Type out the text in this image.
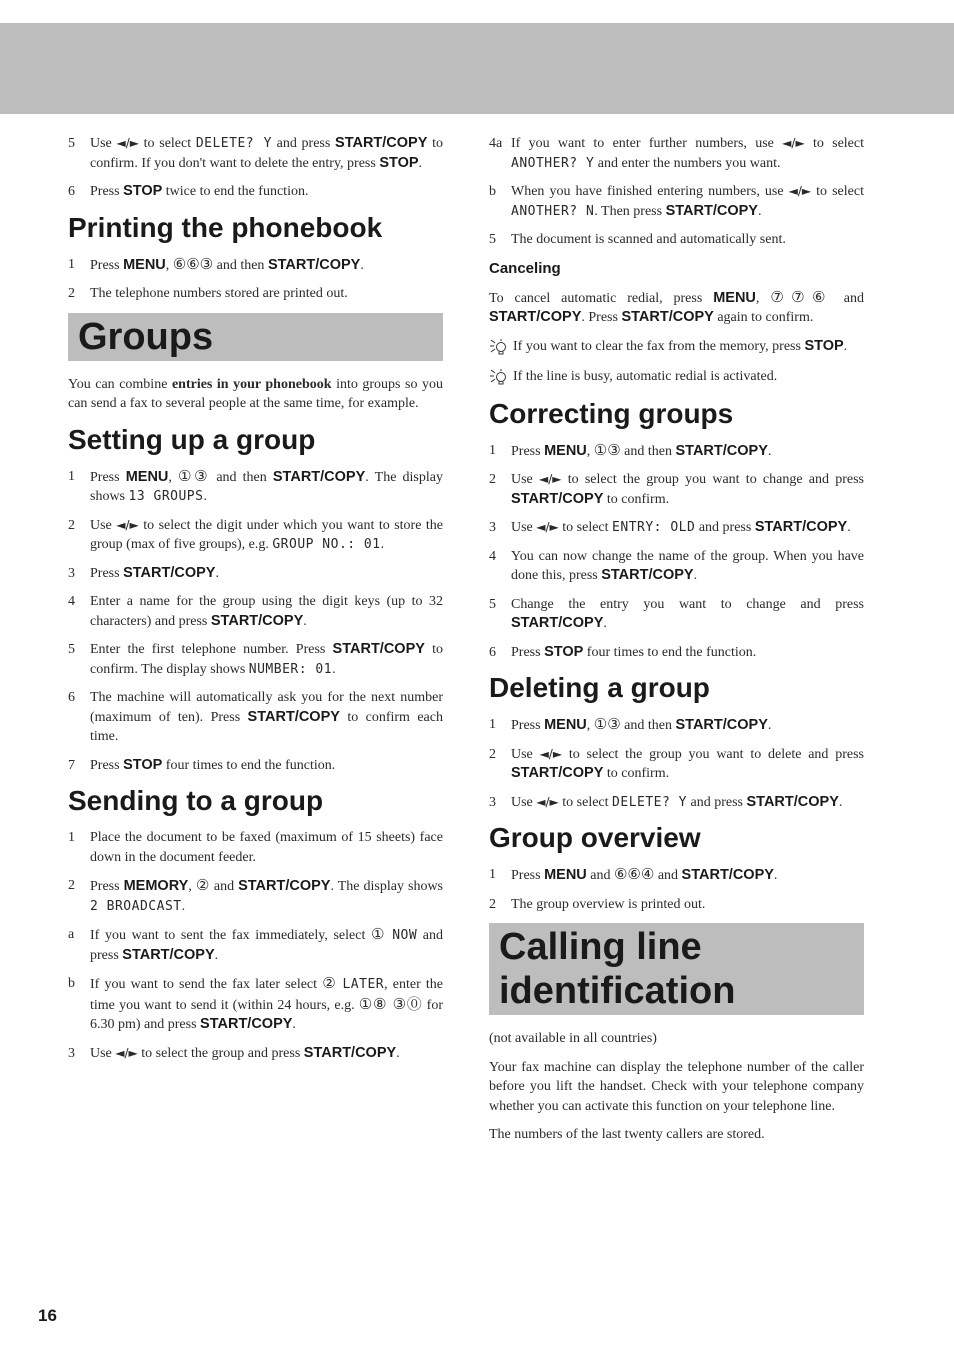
5	Use ◄/► to select DELETE? Y and press START/COPY to confirm. If you don't want to delete the entry, press STOP.
6	Press STOP twice to end the function.
Printing the phonebook
1	Press MENU, ⑥⑥③ and then START/COPY.
2	The telephone numbers stored are printed out.
Groups

You can combine entries in your phonebook into groups so you can send a fax to several people at the same time, for example.

Setting up a group
1	Press MENU, ①③ and then START/COPY. The display shows 13 GROUPS.
2	Use ◄/► to select the digit under which you want to store the group (max of five groups), e.g. GROUP NO.: 01.
3	Press START/COPY.
4	Enter a name for the group using the digit keys (up to 32 characters) and press START/COPY.
5	Enter the first telephone number. Press START/COPY to confirm. The display shows NUMBER: 01.
6	The machine will automatically ask you for the next number (maximum of ten). Press START/COPY to confirm each time.
7	Press STOP four times to end the function.
Sending to a group
1	Place the document to be faxed (maximum of 15 sheets) face down in the document feeder.
2	Press MEMORY, ② and START/COPY. The display shows 2 BROADCAST.
a	If you want to sent the fax immediately, select ① NOW and press START/COPY.
b	If you want to send the fax later select ② LATER, enter the time you want to send it (within 24 hours, e.g. ①⑧ ③⓪ for 6.30 pm) and press START/COPY.
3	Use ◄/► to select the group and press START/COPY.
4a If you want to enter further numbers, use ◄/► to select ANOTHER? Y and enter the numbers you want.
b	When you have finished entering numbers, use ◄/► to select ANOTHER? N. Then press START/COPY.
5	The document is scanned and automatically sent.
Canceling

To cancel automatic redial, press MENU, ⑦⑦⑥ and START/COPY. Press START/COPY again to confirm.

If you want to clear the fax from the memory, press STOP.
If the line is busy, automatic redial is activated.
Correcting groups
1	Press MENU, ①③ and then START/COPY.
2	Use ◄/► to select the group you want to change and press START/COPY to confirm.
3	Use ◄/► to select ENTRY: OLD and press START/COPY.
4	You can now change the name of the group. When you have done this, press START/COPY.
5	Change the entry you want to change and press START/COPY.
6	Press STOP four times to end the function.
Deleting a group
1	Press MENU, ①③ and then START/COPY.
2	Use ◄/► to select the group you want to delete and press START/COPY to confirm.
3	Use ◄/► to select DELETE? Y and press START/COPY.
Group overview
1	Press MENU and ⑥⑥④ and START/COPY.
2	The group overview is printed out.
Calling line identification

(not available in all countries)

Your fax machine can display the telephone number of the caller before you lift the handset. Check with your telephone company whether you can activate this function on your telephone line.

The numbers of the last twenty callers are stored.

16
